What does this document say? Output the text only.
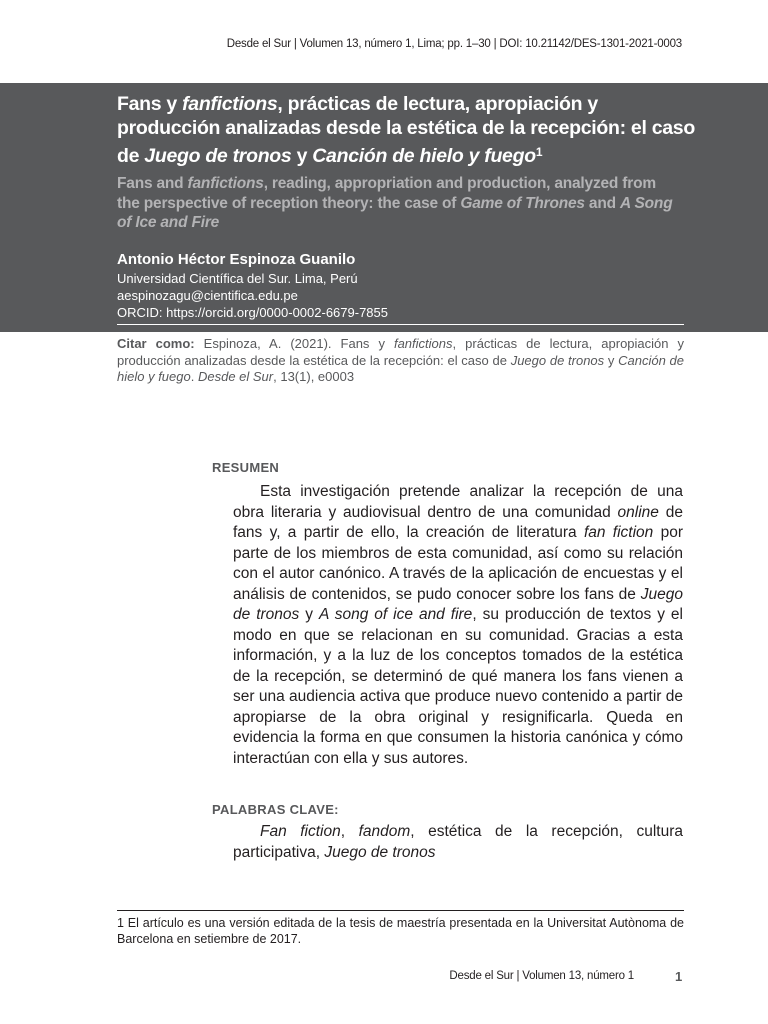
Desde el Sur | Volumen 13, número 1, Lima; pp. 1–30 | DOI: 10.21142/DES-1301-2021-0003
Fans y fanfictions, prácticas de lectura, apropiación y producción analizadas desde la estética de la recepción: el caso de Juego de tronos y Canción de hielo y fuego$^1$
Fans and fanfictions, reading, appropriation and production, analyzed from the perspective of reception theory: the case of Game of Thrones and A Song of Ice and Fire
Antonio Héctor Espinoza Guanilo
Universidad Científica del Sur. Lima, Perú
aespinozagu@cientifica.edu.pe
ORCID: https://orcid.org/0000-0002-6679-7855
Citar como: Espinoza, A. (2021). Fans y fanfictions, prácticas de lectura, apropiación y producción analizadas desde la estética de la recepción: el caso de Juego de tronos y Canción de hielo y fuego. Desde el Sur, 13(1), e0003
RESUMEN
Esta investigación pretende analizar la recepción de una obra literaria y audiovisual dentro de una comunidad online de fans y, a partir de ello, la creación de literatura fan fiction por parte de los miembros de esta comunidad, así como su relación con el autor canónico. A través de la aplicación de encuestas y el análisis de contenidos, se pudo conocer sobre los fans de Juego de tronos y A song of ice and fire, su producción de textos y el modo en que se relacionan en su comunidad. Gracias a esta información, y a la luz de los conceptos tomados de la estética de la recepción, se determinó de qué manera los fans vienen a ser una audiencia activa que produce nuevo contenido a partir de apropiarse de la obra original y resignificarla. Queda en evidencia la forma en que consumen la historia canónica y cómo interactúan con ella y sus autores.
PALABRAS CLAVE:
Fan fiction, fandom, estética de la recepción, cultura participativa, Juego de tronos
1 El artículo es una versión editada de la tesis de maestría presentada en la Universitat Autònoma de Barcelona en setiembre de 2017.
Desde el Sur | Volumen 13, número 1	1
